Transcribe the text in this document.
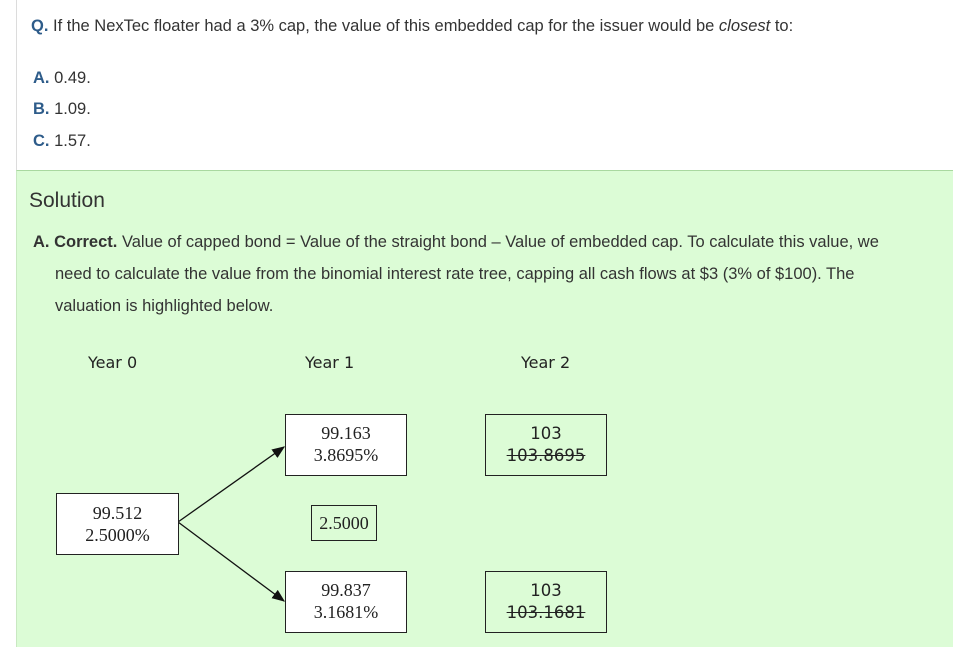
Q. If the NexTec floater had a 3% cap, the value of this embedded cap for the issuer would be closest to:
A. 0.49.
B. 1.09.
C. 1.57.
Solution
A. Correct. Value of capped bond = Value of the straight bond – Value of embedded cap. To calculate this value, we
need to calculate the value from the binomial interest rate tree, capping all cash flows at $3 (3% of $100). The
valuation is highlighted below.
Year 0	Year 1	Year 2
99.512
2.5000%
99.163
3.8695%
2.5000
99.837
3.1681%
103
103.8695
103
103.1681
